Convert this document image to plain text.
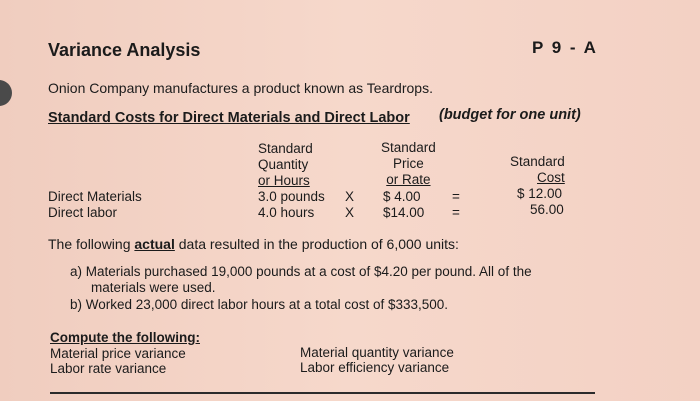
Variance Analysis	P 9 - A
Onion Company manufactures a product known as Teardrops.
Standard Costs for Direct Materials and Direct Labor (budget for one unit)
Standard
Quantity
or Hours
Standard
Price
or Rate
Standard
Cost
Direct Materials	3.0 pounds X $ 4.00 =	$ 12.00
Direct labor	4.0 hours X $14.00 =	56.00
The following actual data resulted in the production of 6,000 units:
a) Materials purchased 19,000 pounds at a cost of $4.20 per pound. All of the
materials were used.
b) Worked 23,000 direct labor hours at a total cost of $333,500.
Compute the following:
Material price variance
Labor rate variance
Material quantity variance
Labor efficiency variance
